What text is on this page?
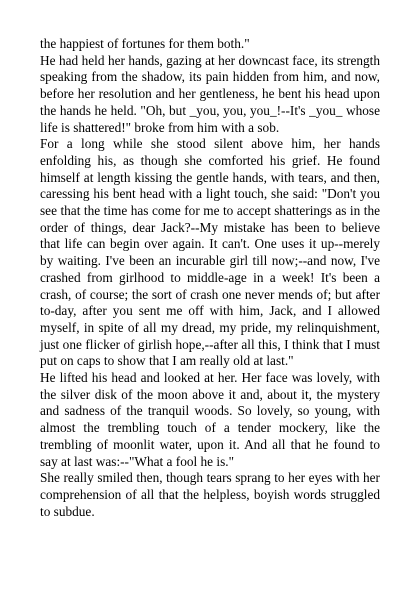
the happiest of fortunes for them both."

He had held her hands, gazing at her downcast face, its strength speaking from the shadow, its pain hidden from him, and now, before her resolution and her gentleness, he bent his head upon the hands he held. "Oh, but _you, you, you_!--It's _you_ whose life is shattered!" broke from him with a sob.

For a long while she stood silent above him, her hands enfolding his, as though she comforted his grief. He found himself at length kissing the gentle hands, with tears, and then, caressing his bent head with a light touch, she said: "Don't you see that the time has come for me to accept shatterings as in the order of things, dear Jack?--My mistake has been to believe that life can begin over again. It can't. One uses it up--merely by waiting. I've been an incurable girl till now;--and now, I've crashed from girlhood to middle-age in a week! It's been a crash, of course; the sort of crash one never mends of; but after to-day, after you sent me off with him, Jack, and I allowed myself, in spite of all my dread, my pride, my relinquishment, just one flicker of girlish hope,--after all this, I think that I must put on caps to show that I am really old at last."

He lifted his head and looked at her. Her face was lovely, with the silver disk of the moon above it and, about it, the mystery and sadness of the tranquil woods. So lovely, so young, with almost the trembling touch of a tender mockery, like the trembling of moonlit water, upon it. And all that he found to say at last was:--"What a fool he is."

She really smiled then, though tears sprang to her eyes with her comprehension of all that the helpless, boyish words struggled to subdue.
